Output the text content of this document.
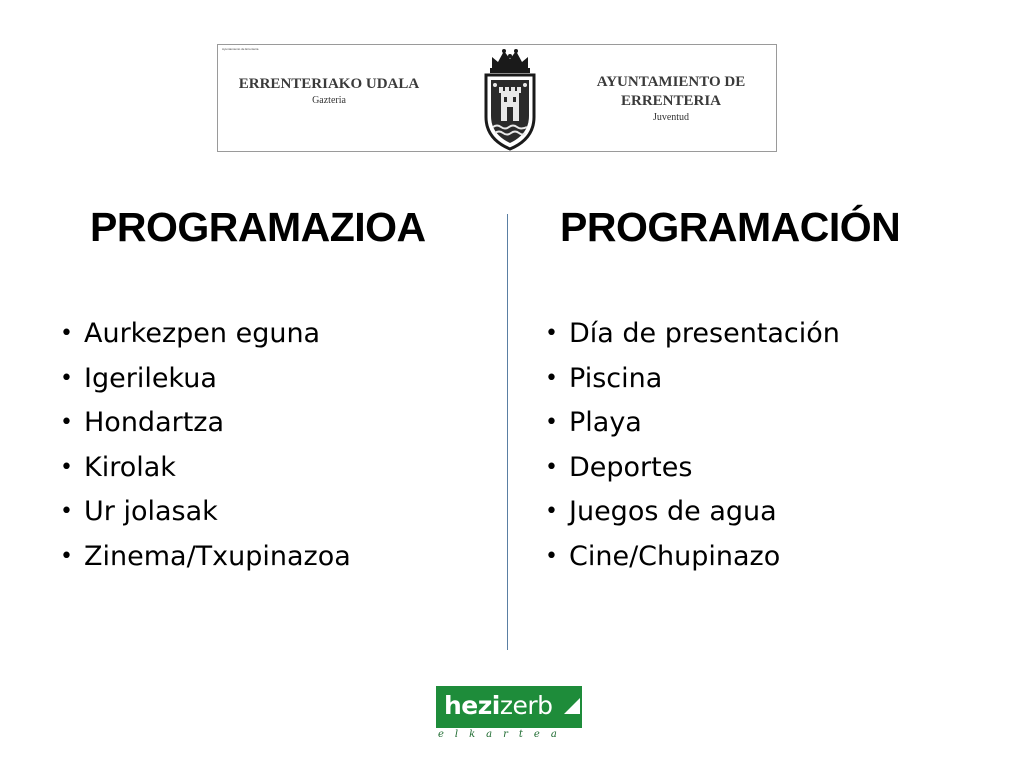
Ayuntamiento de Errenteria
ERRENTERIAKO UDALA
Gazteria
AYUNTAMIENTO DE
ERRENTERIA
Juventud
PROGRAMAZIOA	PROGRAMACIÓN
• Aurkezpen eguna
• Igerilekua
• Hondartza
• Kirolak
• Ur jolasak
• Zinema/Txupinazoa
• Día de presentación
• Piscina
• Playa
• Deportes
• Juegos de agua
• Cine/Chupinazo
hezizerb
elkartea
